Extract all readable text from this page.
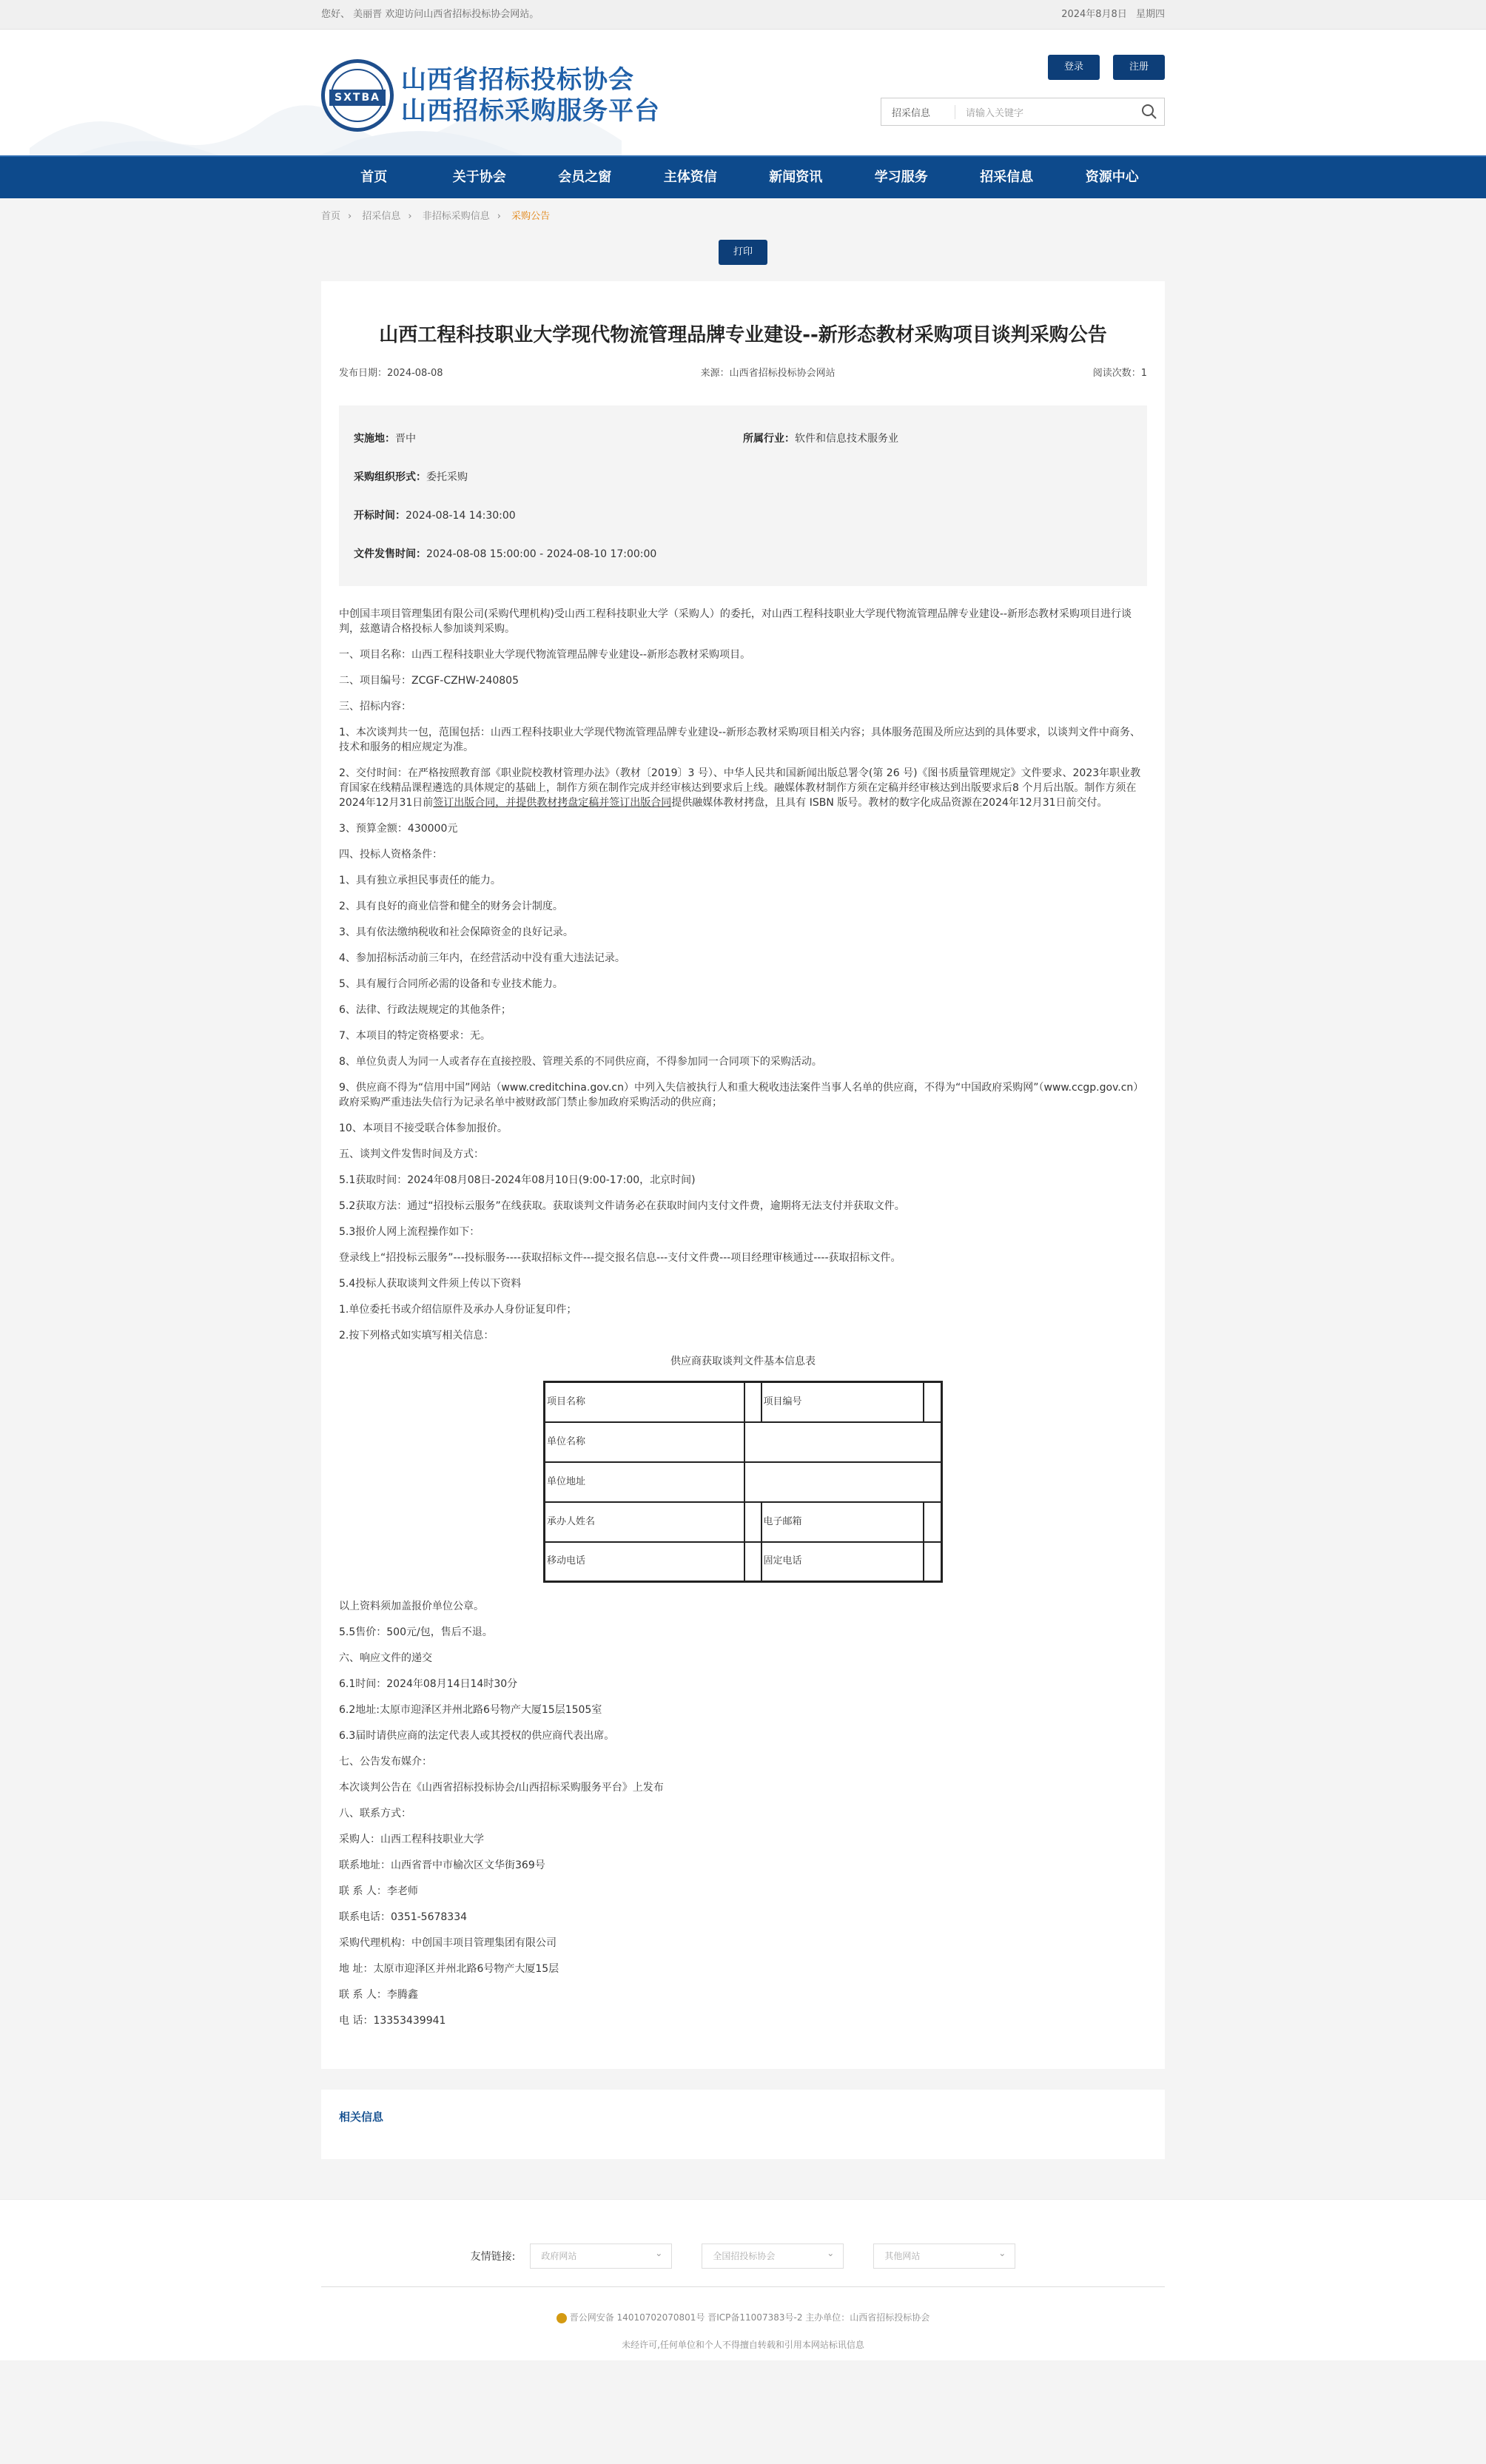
您好、 美丽晋 欢迎访问山西省招标投标协会网站。	2024年8月8日 星期四
SXTBA
山西省招标投标协会
山西招标采购服务平台
登录	注册
招采信息	请输入关键字
首页	关于协会	会员之窗	主体资信	新闻资讯	学习服务	招采信息	资源中心
首页 › 招采信息 › 非招标采购信息 › 采购公告
打印
山西工程科技职业大学现代物流管理品牌专业建设--新形态教材采购项目谈判采购公告
发布日期：2024-08-08	来源：山西省招标投标协会网站	阅读次数：1
实施地：晋中	所属行业：软件和信息技术服务业
采购组织形式：委托采购
开标时间：2024-08-14 14:30:00
文件发售时间：2024-08-08 15:00:00 - 2024-08-10 17:00:00

中创国丰项目管理集团有限公司(采购代理机构)受山西工程科技职业大学（采购人）的委托，对山西工程科技职业大学现代物流管理品牌专业建设--新形态教材采购项目进行谈判，兹邀请合格投标人参加谈判采购。

一、项目名称：山西工程科技职业大学现代物流管理品牌专业建设--新形态教材采购项目。

二、项目编号：ZCGF-CZHW-240805

三、招标内容：

1、本次谈判共一包，范围包括：山西工程科技职业大学现代物流管理品牌专业建设--新形态教材采购项目相关内容；具体服务范围及所应达到的具体要求，以谈判文件中商务、技术和服务的相应规定为准。

2、交付时间：在严格按照教育部《职业院校教材管理办法》（教材〔2019〕3 号）、中华人民共和国新闻出版总署令(第 26 号)《图书质量管理规定》文件要求、2023年职业教育国家在线精品课程遴选的具体规定的基础上，制作方须在制作完成并经审核达到要求后上线。融媒体教材制作方须在定稿并经审核达到出版要求后8 个月后出版。制作方须在2024年12月31日前签订出版合同，并提供教材拷盘定稿并签订出版合同提供融媒体教材拷盘，且具有 ISBN 版号。教材的数字化成品资源在2024年12月31日前交付。

3、预算金额：430000元

四、投标人资格条件：

1、具有独立承担民事责任的能力。

2、具有良好的商业信誉和健全的财务会计制度。

3、具有依法缴纳税收和社会保障资金的良好记录。

4、参加招标活动前三年内，在经营活动中没有重大违法记录。

5、具有履行合同所必需的设备和专业技术能力。

6、法律、行政法规规定的其他条件；

7、本项目的特定资格要求：无。

8、单位负责人为同一人或者存在直接控股、管理关系的不同供应商，不得参加同一合同项下的采购活动。

9、供应商不得为“信用中国”网站（www.creditchina.gov.cn）中列入失信被执行人和重大税收违法案件当事人名单的供应商，不得为“中国政府采购网”（www.ccgp.gov.cn）政府采购严重违法失信行为记录名单中被财政部门禁止参加政府采购活动的供应商；

10、本项目不接受联合体参加报价。

五、谈判文件发售时间及方式：

5.1获取时间：2024年08月08日-2024年08月10日(9:00-17:00，北京时间)

5.2获取方法：通过“招投标云服务”在线获取。获取谈判文件请务必在获取时间内支付文件费，逾期将无法支付并获取文件。

5.3报价人网上流程操作如下：

登录线上“招投标云服务”---投标服务----获取招标文件---提交报名信息---支付文件费---项目经理审核通过----获取招标文件。

5.4投标人获取谈判文件须上传以下资料

1.单位委托书或介绍信原件及承办人身份证复印件；

2.按下列格式如实填写相关信息：

供应商获取谈判文件基本信息表
项目名称		项目编号	
单位名称			
单位地址			
承办人姓名		电子邮箱	
移动电话		固定电话	

以上资料须加盖报价单位公章。

5.5售价：500元/包，售后不退。

六、响应文件的递交

6.1时间：2024年08月14日14时30分

6.2地址:太原市迎泽区并州北路6号物产大厦15层1505室

6.3届时请供应商的法定代表人或其授权的供应商代表出席。

七、公告发布媒介：

本次谈判公告在《山西省招标投标协会/山西招标采购服务平台》上发布

八、联系方式：

采购人：山西工程科技职业大学

联系地址：山西省晋中市榆次区文华街369号

联 系 人：李老师

联系电话：0351-5678334

采购代理机构：中创国丰项目管理集团有限公司

地 址：太原市迎泽区并州北路6号物产大厦15层

联 系 人：李腾鑫

电 话：13353439941

相关信息
友情链接:	政府网站 ⌄	全国招投标协会 ⌄	其他网站 ⌄
晋公网安备 14010702070801号 晋ICP备11007383号-2 主办单位：山西省招标投标协会
未经许可,任何单位和个人不得擅自转载和引用本网站标讯信息
